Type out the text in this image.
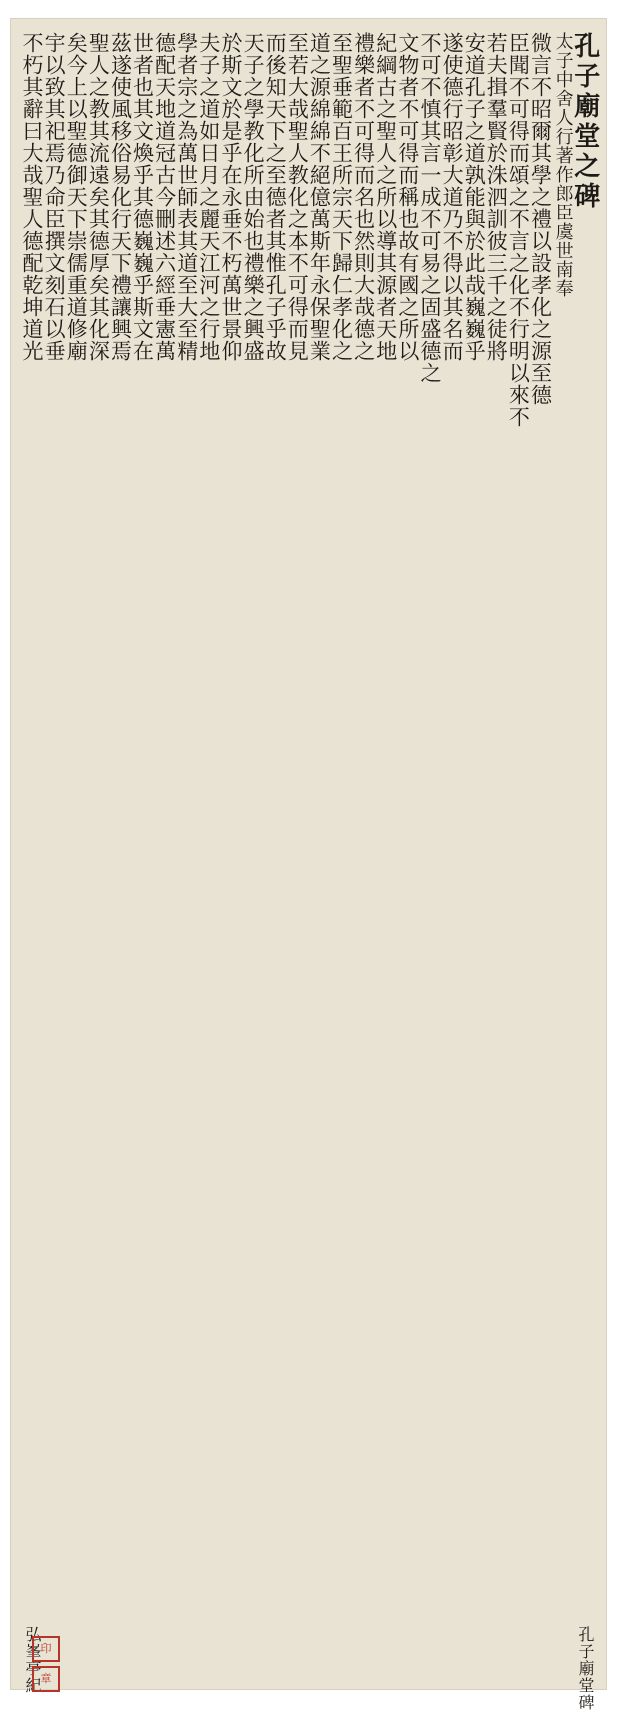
孔子廟堂之碑
太子中舍人行著作郎臣虞世南奉
微言不昭爾其學之禮以設孝化之源至德
臣聞不可得而頌之不言之化不行明以來不
若夫揖羣賢於洙泗訓彼三千之徒將
安道孔子之道孰能與於此哉巍巍乎
遂使德行昭彰大道乃不得以其名而
不可不慎其言一成不可易之固盛德之
文物者不可得而稱也故有國之所以
紀綱古之聖人之所以導其源者天地
禮樂者不可得而名也然則大哉德之
至聖垂範百王所宗天下歸仁孝化之
道之源綿綿不絕億萬斯年永保聖業
至若大哉聖人教化之本不可得而見
而後知天下之至德者其惟孔子乎故
天子之學教化所由始也禮樂之興盛
於斯文於是乎在永垂不朽萬世景仰
夫子之道如日月之麗天江河之行地
學者宗之為萬世師表其道至大至精
德配天地道冠古今刪述六經垂憲萬
世者也其文煥乎其德巍巍乎斯文在
茲遂使風移俗易化行天下禮讓興焉
聖人之教其流遠矣其德厚矣其化深
矣今上以聖德御天下崇儒重道修廟
宇以致其祀焉乃命臣撰文刻石以垂
不朽其辭曰大哉聖人德配乾坤道光
孔子廟堂碑
弘峯亭紀
印
章
